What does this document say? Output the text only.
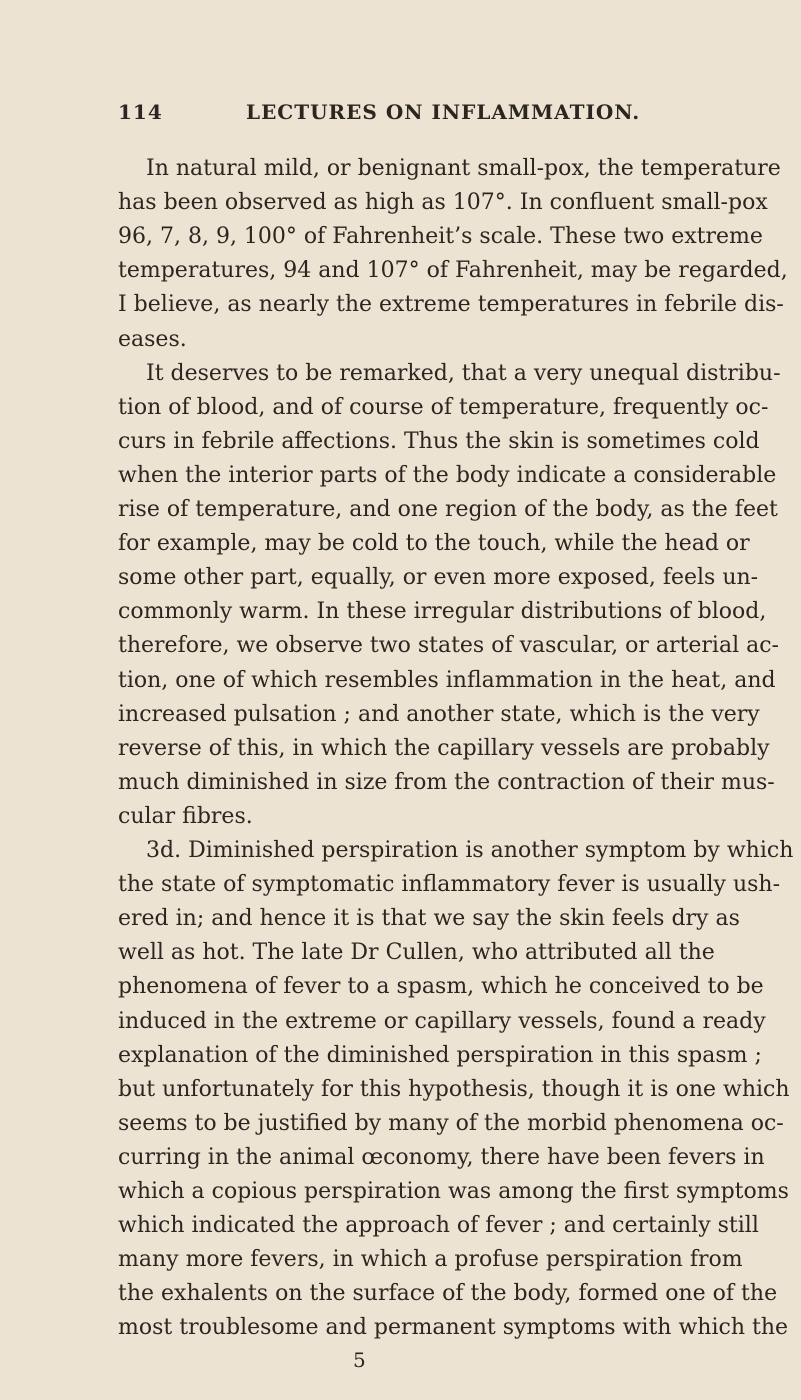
114	LECTURES ON INFLAMMATION.
In natural mild, or benignant small-pox, the temperature
has been observed as high as 107°. In confluent small-pox
96, 7, 8, 9, 100° of Fahrenheit’s scale. These two extreme
temperatures, 94 and 107° of Fahrenheit, may be regarded,
I believe, as nearly the extreme temperatures in febrile dis-
eases.
It deserves to be remarked, that a very unequal distribu-
tion of blood, and of course of temperature, frequently oc-
curs in febrile affections. Thus the skin is sometimes cold
when the interior parts of the body indicate a considerable
rise of temperature, and one region of the body, as the feet
for example, may be cold to the touch, while the head or
some other part, equally, or even more exposed, feels un-
commonly warm. In these irregular distributions of blood,
therefore, we observe two states of vascular, or arterial ac-
tion, one of which resembles inflammation in the heat, and
increased pulsation ; and another state, which is the very
reverse of this, in which the capillary vessels are probably
much diminished in size from the contraction of their mus-
cular fibres.
3d. Diminished perspiration is another symptom by which
the state of symptomatic inflammatory fever is usually ush-
ered in; and hence it is that we say the skin feels dry as
well as hot. The late Dr Cullen, who attributed all the
phenomena of fever to a spasm, which he conceived to be
induced in the extreme or capillary vessels, found a ready
explanation of the diminished perspiration in this spasm ;
but unfortunately for this hypothesis, though it is one which
seems to be justified by many of the morbid phenomena oc-
curring in the animal œconomy, there have been fevers in
which a copious perspiration was among the first symptoms
which indicated the approach of fever ; and certainly still
many more fevers, in which a profuse perspiration from
the exhalents on the surface of the body, formed one of the
most troublesome and permanent symptoms with which the
5
